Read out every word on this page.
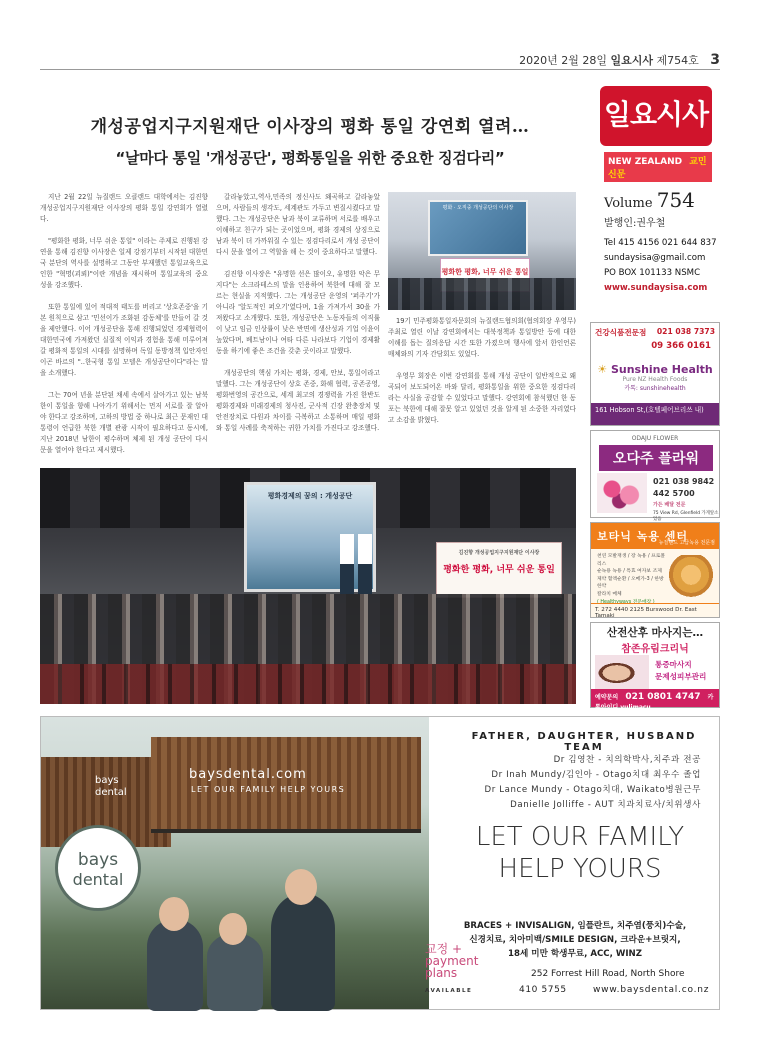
2020년 2월 28일 일요시사 제754호 3
개성공업지구지원재단 이사장의 평화 통일 강연회 열려…
“날마다 통일 '개성공단', 평화통일을 위한 중요한 징검다리”

지난 2월 22일 뉴질랜드 오클랜드 대학에서는 김진향 개성공업지구지원재단 이사장의 평화 통일 강연회가 열렸다.

"평화한 평화, 너무 쉬운 통일" 이라는 주제로 진행된 강연을 통해 김진향 이사장은 일제 강점기부터 시작된 대한민국 분단의 역사를 설명하고 그동안 부재했던 통일교육으로 인한 "혁명(괴뢰)"이란 개념을 재시하며 통일교육의 중요성을 강조했다.

또한 통일에 있어 적대적 태도를 버리고 '상호존중'을 기본 원칙으로 삼고 '민선이가 조화된 감동체'를 만들어 갈 것을 제안했다. 이어 개성공단을 통해 진행되었던 경제협력이 대한민국에 가져왔던 실질적 이익과 경험을 통해 미루어져갈 평화적 통일의 시대를 설명하며 독일 동방정책 입안자인 이곤 바르의 "..한국형 통일 모델은 개성공단이다"라는 말을 소개했다.

그는 70여 년을 분단된 채세 속에서 살아가고 있는 남북한이 통일을 향해 나아가기 위해서는 먼저 서로를 잘 알아야 한다고 강조하며, 고하의 방법 중 하나로 최근 문재인 대통령이 언급한 북한 개별 관광 시작이 필요하다고 동시에, 지난 2018년 남한이 평수하며 체제 된 개성 공단이 다시 문을 열어야 한다고 제시했다.

갈라놓았고,역사,민족의 정신사도 왜곡하고 갈라놓았으며, 사람들의 생각도, 세계관도 가두고 변질시켰다고 말했다. 그는 개성공단은 남과 북이 교류하며 서로를 배우고 이해하고 친구가 되는 곳이었으며, 평화 경제의 상징으로 남과 북이 더 가까워질 수 있는 징검다리로서 개성 공단이 다시 문을 열어 그 역할을 해 는 것이 중요하다고 말했다.

김진향 이사장은 "유명한 선은 많이오, 유명한 악은 무지다"는 소크라테스의 말을 인용하여 북한에 대해 잘 모르는 현실을 지적했다. 그는 개성공단 운영의 '퍼주기'가 아니라 '알도적인 퍼오기'였다며, 1을 가져가서 30을 가져왔다고 소개했다. 또한, 개성공단은 노동자들의 이직률이 낮고 임금 인상률이 낮은 반면에 생산성과 기업 이윤이 높았다며, 베트남이나 여타 다른 나라보다 기업이 경제활동을 하기에 좋은 조건을 갖춘 곳이라고 말했다.

개성공단의 핵심 가치는 평화, 경제, 안보, 통일이라고 말했다. 그는 개성공단이 상호 존중, 화해 협력, 공존공영, 평화번영의 공간으로, 세계 최고의 경쟁력을 가진 한반도 평화경제와 미래경제의 청사진, 군사적 긴장 완충장치 및 안전장치로 다원과 차이를 극복하고 소통하며 매일 평화와 통일 사례를 축적하는 귀한 가치를 가진다고 강조했다.

평화 · 오직중 개성공단의 이사장
평화한 평화, 너무 쉬운 통일

19기 민주평화통일자문회의 뉴질랜드협의회(협의회장 우영무) 주최로 열린 이날 강연회에서는 대북정책과 통일방안 등에 대한 이해를 돕는 질의응답 시간 또한 가졌으며 행사에 앞서 한인언론매체와의 기자 간담회도 있었다.

우영무 회장은 이번 강연회를 통해 개성 공단이 일반적으로 왜곡되어 보도되어온 바와 달리, 평화통일을 위한 중요한 징검다리라는 사실을 공감할 수 있었다고 말했다. 강연회에 참석했던 한 동포는 북한에 대해 잘못 알고 있었던 것을 알게 된 소중한 자리였다고 소감을 밝혔다.

평화경제의 꿈의 : 개성공단
김진향 개성공업지구지원재단 이사장
평화한 평화, 너무 쉬운 통일
일요시사
NEW ZEALAND 교민신문
Volume 754
발행인:권우철
Tel 415 4156 021 644 837
sundaysisa@gmail.com
PO BOX 101133 NSMC
www.sundaysisa.com
건강식품전문점 021 038 7373
09 366 0161
☀ Sunshine Health
Pure NZ Health Foods
카톡: sunshinehealth
161 Hobson St,(호텔페어브리쓰 내)
ODAJU FLOWER
오다주 플라워
021 038 9842
442 5700
가든 배달 전문
75 View Rd, Glenfield 가게앞소 있음
보타닉 녹용 센터
뉴질랜드 고급녹용 전문점
천연 모발재생 / 장 녹용 / 프로폴리스
순녹용 녹용 / 특효 여자보 조제
제약 혈액순환 / 오메가-3 / 한방 한약
칼라치 매체
( Healthyways 전문매장 )
T. 272 4440 2125 Burswood Dr. East Tamaki
산전산후 마사지는…
참존유림크리닉
통증마사지
문제성피부관리
예약문의 021 0801 4747 카톡아이디 yulimacu
bays
dental
baysdental.com
LET OUR FAMILY HELP YOURS
bays
dental
FATHER, DAUGHTER, HUSBAND TEAM
Dr 김영찬 - 치의학박사,치주과 전공
Dr Inah Mundy/김인아 - Otago치대 최우수 졸업
Dr Lance Mundy - Otago치대, Waikato병원근무
Danielle Jolliffe - AUT 치과치료사/치위생사
LET OUR FAMILY
HELP YOURS
BRACES + INVISALIGN, 임플란트, 치주염(풍치)수술,
신경치료, 치아미백/SMILE DESIGN, 크라운+브릿지,
18세 미만 학생무료, ACC, WINZ
교정 +
payment
plans
AVAILABLE
252 Forrest Hill Road, North Shore
410 5755	www.baysdental.co.nz
